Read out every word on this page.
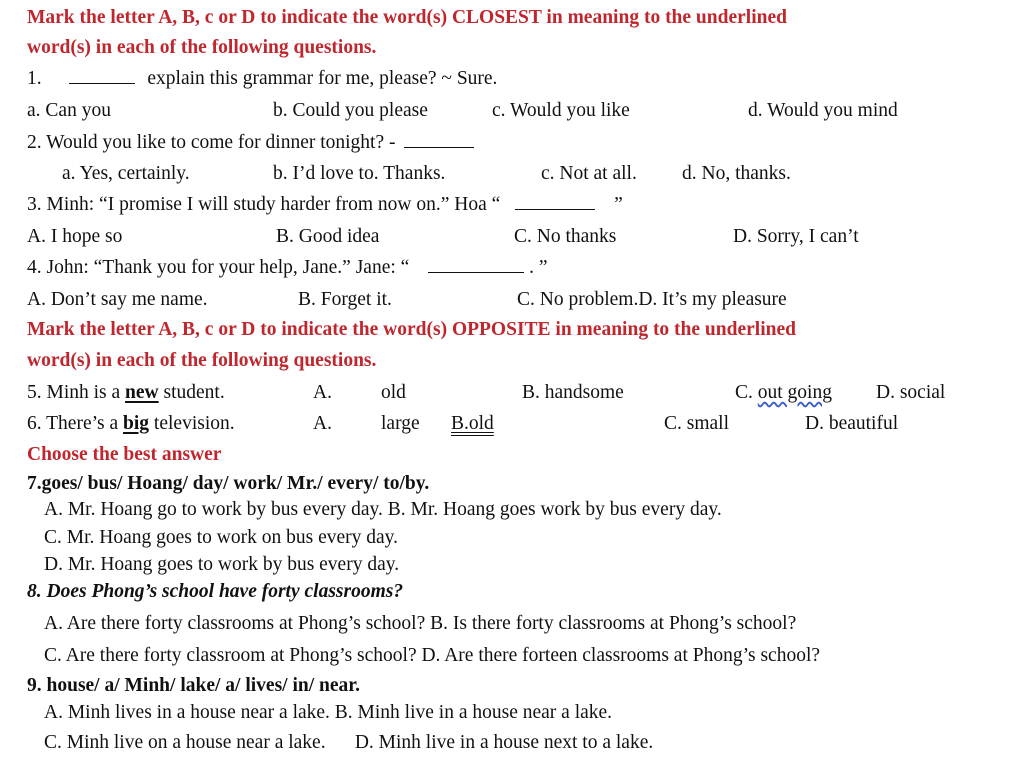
Mark the letter A, B, c or D to indicate the word(s) CLOSEST in meaning to the underlined
word(s) in each of the following questions.
1.	explain this grammar for me, please? ~ Sure.
a. Can you	b. Could you please	c. Would you like	d. Would you mind
2. Would you like to come for dinner tonight? -
a. Yes, certainly.	b. I’d love to. Thanks.	c. Not at all. d. No, thanks.
3. Minh: “I promise I will study harder from now on.” Hoa “	”
A. I hope so	B. Good idea	C. No thanks	D. Sorry, I can’t
4. John: “Thank you for your help, Jane.” Jane: “	. ”
A. Don’t say me name.	B. Forget it.	C. No problem.D. It’s my pleasure
Mark the letter A, B, c or D to indicate the word(s) OPPOSITE in meaning to the underlined
word(s) in each of the following questions.
5. Minh is a new student.	A.	old	B. handsome	C. out going D. social
6. There’s a big television.	A.	large B.old	C. small	D. beautiful
Choose the best answer
7.goes/ bus/ Hoang/ day/ work/ Mr./ every/ to/by.
A. Mr. Hoang go to work by bus every day. B. Mr. Hoang goes work by bus every day.
C. Mr. Hoang goes to work on bus every day.
D. Mr. Hoang goes to work by bus every day.
8. Does Phong’s school have forty classrooms?
A. Are there forty classrooms at Phong’s school? B. Is there forty classrooms at Phong’s school?
C. Are there forty classroom at Phong’s school? D. Are there forteen classrooms at Phong’s school?
9. house/ a/ Minh/ lake/ a/ lives/ in/ near.
A. Minh lives in a house near a lake. B. Minh live in a house near a lake.
C. Minh live on a house near a lake.      D. Minh live in a house next to a lake.
